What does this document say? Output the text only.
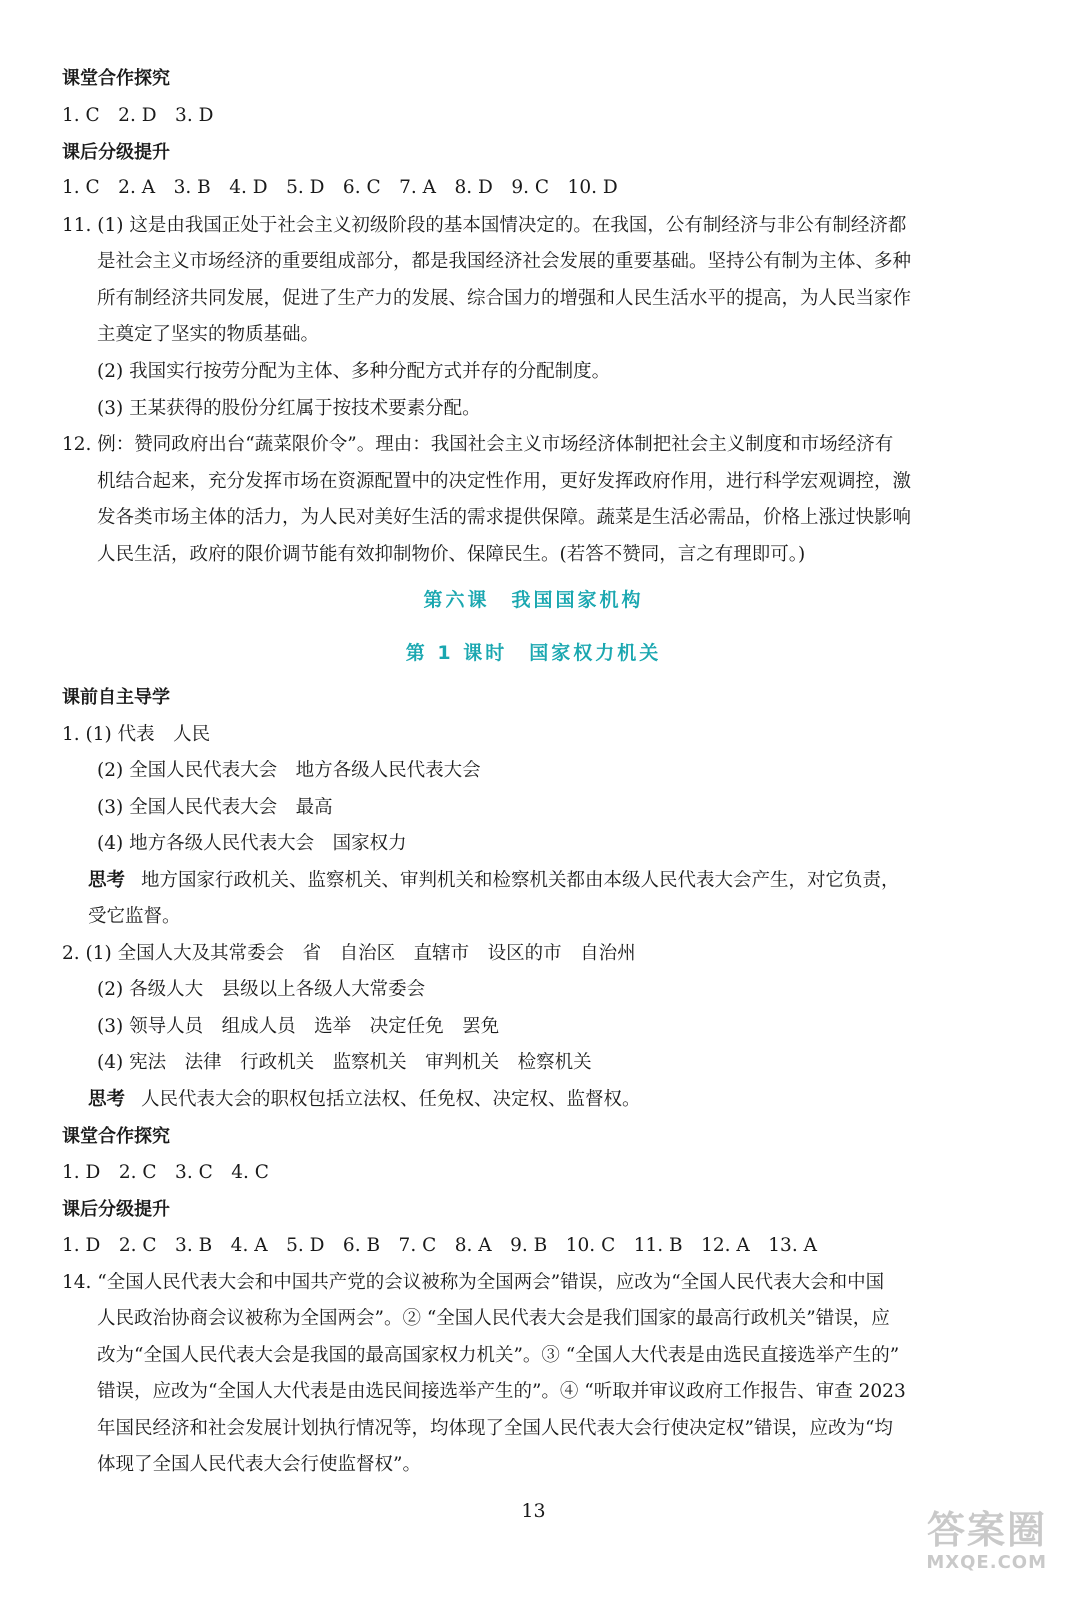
课堂合作探究
1. C　2. D　3. D
课后分级提升
1. C　2. A　3. B　4. D　5. D　6. C　7. A　8. D　9. C　10. D
11. (1) 这是由我国正处于社会主义初级阶段的基本国情决定的。在我国，公有制经济与非公有制经济都
是社会主义市场经济的重要组成部分，都是我国经济社会发展的重要基础。坚持公有制为主体、多种
所有制经济共同发展，促进了生产力的发展、综合国力的增强和人民生活水平的提高，为人民当家作
主奠定了坚实的物质基础。
(2) 我国实行按劳分配为主体、多种分配方式并存的分配制度。
(3) 王某获得的股份分红属于按技术要素分配。
12. 例：赞同政府出台“蔬菜限价令”。理由：我国社会主义市场经济体制把社会主义制度和市场经济有
机结合起来，充分发挥市场在资源配置中的决定性作用，更好发挥政府作用，进行科学宏观调控，激
发各类市场主体的活力，为人民对美好生活的需求提供保障。蔬菜是生活必需品，价格上涨过快影响
人民生活，政府的限价调节能有效抑制物价、保障民生。(若答不赞同，言之有理即可。)
第六课　我国国家机构
第 1 课时　国家权力机关
课前自主导学
1. (1) 代表　人民
(2) 全国人民代表大会　地方各级人民代表大会
(3) 全国人民代表大会　最高
(4) 地方各级人民代表大会　国家权力
思考 地方国家行政机关、监察机关、审判机关和检察机关都由本级人民代表大会产生，对它负责，
受它监督。
2. (1) 全国人大及其常委会　省　自治区　直辖市　设区的市　自治州
(2) 各级人大　县级以上各级人大常委会
(3) 领导人员　组成人员　选举　决定任免　罢免
(4) 宪法　法律　行政机关　监察机关　审判机关　检察机关
思考 人民代表大会的职权包括立法权、任免权、决定权、监督权。
课堂合作探究
1. D　2. C　3. C　4. C
课后分级提升
1. D　2. C　3. B　4. A　5. D　6. B　7. C　8. A　9. B　10. C　11. B　12. A　13. A
14. “全国人民代表大会和中国共产党的会议被称为全国两会”错误，应改为“全国人民代表大会和中国
人民政治协商会议被称为全国两会”。② “全国人民代表大会是我们国家的最高行政机关”错误，应
改为“全国人民代表大会是我国的最高国家权力机关”。③ “全国人大代表是由选民直接选举产生的”
错误，应改为“全国人大代表是由选民间接选举产生的”。④ “听取并审议政府工作报告、审查 2023
年国民经济和社会发展计划执行情况等，均体现了全国人民代表大会行使决定权”错误，应改为“均
体现了全国人民代表大会行使监督权”。
13	答案圈
MXQE.COM
